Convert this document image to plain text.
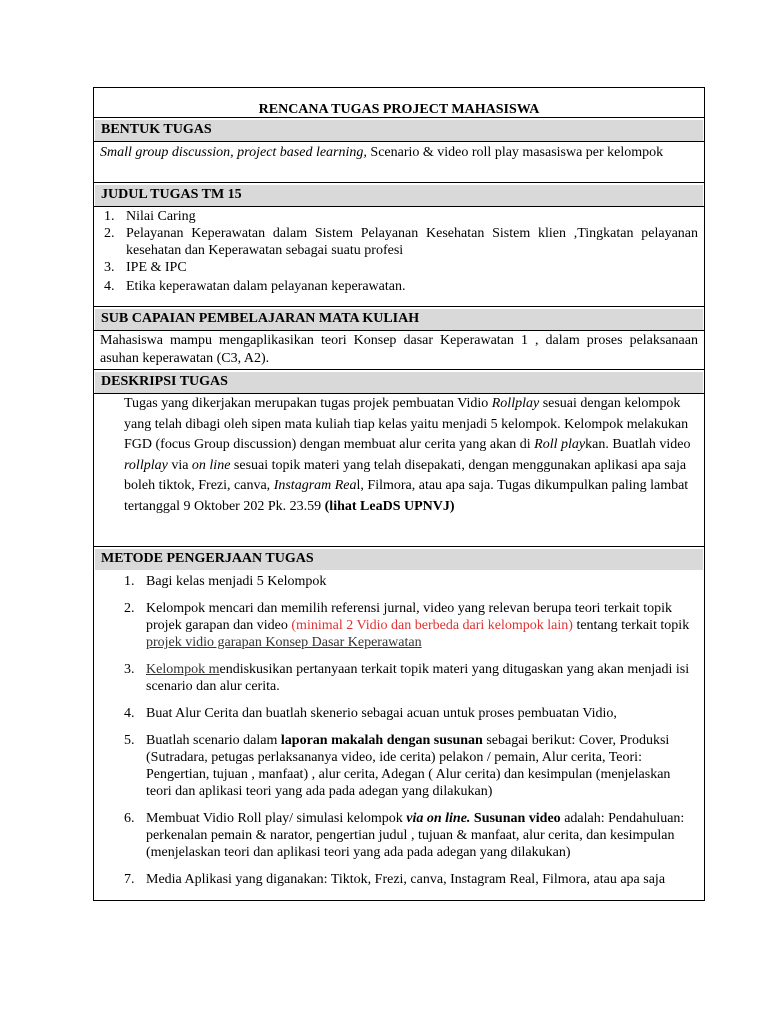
RENCANA TUGAS PROJECT MAHASISWA
BENTUK TUGAS
Small group discussion, project based learning, Scenario & video roll play masasiswa per kelompok
JUDUL TUGAS TM 15
1. Nilai Caring
2. Pelayanan Keperawatan dalam Sistem Pelayanan Kesehatan Sistem klien ,Tingkatan pelayanan kesehatan dan Keperawatan sebagai suatu profesi
3. IPE & IPC
4. Etika keperawatan dalam pelayanan keperawatan.
SUB CAPAIAN PEMBELAJARAN MATA KULIAH
Mahasiswa mampu mengaplikasikan teori Konsep dasar Keperawatan 1 , dalam proses pelaksanaan asuhan keperawatan (C3, A2).
DESKRIPSI TUGAS
Tugas yang dikerjakan merupakan tugas projek pembuatan Vidio Rollplay sesuai dengan kelompok yang telah dibagi oleh sipen mata kuliah tiap kelas yaitu menjadi 5 kelompok. Kelompok melakukan FGD (focus Group discussion) dengan membuat alur cerita yang akan di Roll playkan. Buatlah video rollplay via on line sesuai topik materi yang telah disepakati, dengan menggunakan aplikasi apa saja boleh tiktok, Frezi, canva, Instagram Real, Filmora, atau apa saja. Tugas dikumpulkan paling lambat tertanggal 9 Oktober 202 Pk. 23.59 (lihat LeaDS UPNVJ)
METODE PENGERJAAN TUGAS
1. Bagi kelas menjadi 5 Kelompok
2. Kelompok mencari dan memilih referensi jurnal, video yang relevan berupa teori terkait topik projek garapan dan video (minimal 2 Vidio dan berbeda dari kelompok lain) tentang terkait topik projek vidio garapan Konsep Dasar Keperawatan
3. Kelompok mendiskusikan pertanyaan terkait topik materi yang ditugaskan yang akan menjadi isi scenario dan alur cerita.
4. Buat Alur Cerita dan buatlah skenerio sebagai acuan untuk proses pembuatan Vidio,
5. Buatlah scenario dalam laporan makalah dengan susunan sebagai berikut: Cover, Produksi (Sutradara, petugas perlaksananya video, ide cerita) pelakon / pemain, Alur cerita, Teori: Pengertian, tujuan , manfaat) , alur cerita, Adegan ( Alur cerita) dan kesimpulan (menjelaskan teori dan aplikasi teori yang ada pada adegan yang dilakukan)
6. Membuat Vidio Roll play/ simulasi kelompok via on line. Susunan video adalah: Pendahuluan: perkenalan pemain & narator, pengertian judul , tujuan & manfaat, alur cerita, dan kesimpulan (menjelaskan teori dan aplikasi teori yang ada pada adegan yang dilakukan)
7. Media Aplikasi yang diganakan: Tiktok, Frezi, canva, Instagram Real, Filmora, atau apa saja
